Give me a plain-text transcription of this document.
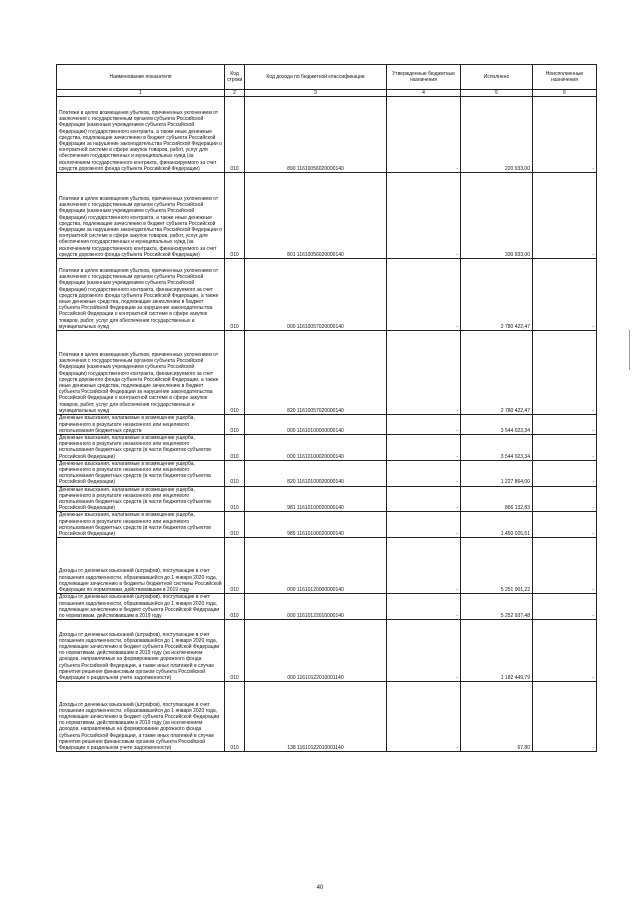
Наименование показателя	Код строки	Код дохода по бюджетной классификации	Утвержденные бюджетные назначения	Исполнено	Неисполненные назначения
1	2	3	4	5	6
Платежи в целях возмещения убытков, причиненных уклонением от заключения с государственным органом субъекта Российской Федерации (казенным учреждением субъекта Российской Федерации) государственного контракта, а также иные денежные средства, подлежащие зачислению в бюджет субъекта Российской Федерации за нарушение законодательства Российской Федерации о контрактной системе в сфере закупок товаров, работ, услуг для обеспечения государственных и муниципальных нужд (за исключением государственного контракта, финансируемого за счет средств дорожного фонда субъекта Российской Федерации)	010	890 11610056020000140	-	220 933,00	-
Платежи в целях возмещения убытков, причиненных уклонением от заключения с государственным органом субъекта Российской Федерации (казенным учреждением субъекта Российской Федерации) государственного контракта, а также иные денежные средства, подлежащие зачислению в бюджет субъекта Российской Федерации за нарушение законодательства Российской Федерации о контрактной системе в сфере закупок товаров, работ, услуг для обеспечения государственных и муниципальных нужд (за исключением государственного контракта, финансируемого за счет средств дорожного фонда субъекта Российской Федерации)	010	801 11610056020000140	-	330 933,00	-
Платежи в целях возмещения убытков, причиненных уклонением от заключения с государственным органом субъекта Российской Федерации (казенным учреждением субъекта Российской Федерации) государственного контракта, финансируемого за счет средств дорожного фонда субъекта Российской Федерации, а также иные денежные средства, подлежащие зачислению в бюджет субъекта Российской Федерации за нарушение законодательства Российской Федерации о контрактной системе в сфере закупок товаров, работ, услуг для обеспечения государственных и муниципальных нужд	010	000 11610057020000140	-	2 780 422,47	-
Платежи в целях возмещения убытков, причиненных уклонением от заключения с государственным органом субъекта Российской Федерации (казенным учреждением субъекта Российской Федерации) государственного контракта, финансируемого за счет средств дорожного фонда субъекта Российской Федерации, а также иные денежные средства, подлежащие зачислению в бюджет субъекта Российской Федерации за нарушение законодательства Российской Федерации о контрактной системе в сфере закупок товаров, работ, услуг для обеспечения государственных и муниципальных нужд	010	820 11610057020000140	-	2 780 422,47	-
Денежные взыскания, налагаемые в возмещение ущерба, причиненного в результате незаконного или нецелевого использования бюджетных средств	010	000 11610100000000140	-	3 544 023,34	-
Денежные взыскания, налагаемые в возмещение ущерба, причиненного в результате незаконного или нецелевого использования бюджетных средств (в части бюджетов субъектов Российской Федерации)	010	000 11610100020000140	-	3 544 023,34	-
Денежные взыскания, налагаемые в возмещение ущерба, причиненного в результате незаконного или нецелевого использования бюджетных средств (в части бюджетов субъектов Российской Федерации)	010	820 11610100020000140	-	1 227 864,00	-
Денежные взыскания, налагаемые в возмещение ущерба, причиненного в результате незаконного или нецелевого использования бюджетных средств (в части бюджетов субъектов Российской Федерации)	010	981 11610100020000140	-	866 132,83	-
Денежные взыскания, налагаемые в возмещение ущерба, причиненного в результате незаконного или нецелевого использования бюджетных средств (в части бюджетов субъектов Российской Федерации)	010	985 11610100020000140	-	1 450 026,51	-
Доходы от денежных взысканий (штрафов), поступающие в счет погашения задолженности, образовавшейся до 1 января 2020 года, подлежащие зачислению в бюджеты бюджетной системы Российской Федерации по нормативам, действовавшим в 2019 году	010	000 11610120000000140	-	5 251 901,22	-
Доходы от денежных взысканий (штрафов), поступающие в счет погашения задолженности, образовавшейся до 1 января 2020 года, подлежащие зачислению в бюджет субъекта Российской Федерации по нормативам, действовавшим в 2019 году	010	000 11610122010000140	-	5 252 937,48	-
Доходы от денежных взысканий (штрафов), поступающие в счет погашения задолженности, образовавшейся до 1 января 2020 года, подлежащие зачислению в бюджет субъекта Российской Федерации по нормативам, действовавшим в 2019 году (за исключением доходов, направляемых на формирование дорожного фонда субъекта Российской Федерации, а также иных платежей в случае принятия решения финансовым органом субъекта Российской Федерации о раздельном учете задолженности)	010	000 11610122010001140	-	1 182 449,79	-
Доходы от денежных взысканий (штрафов), поступающие в счет погашения задолженности, образовавшейся до 1 января 2020 года, подлежащие зачислению в бюджет субъекта Российской Федерации по нормативам, действовавшим в 2019 году (за исключением доходов, направляемых на формирование дорожного фонда субъекта Российской Федерации, а также иных платежей в случае принятия решения финансовым органом субъекта Российской Федерации о раздельном учете задолженности)	010	138 11610122010001140	-	67,80	-
40
